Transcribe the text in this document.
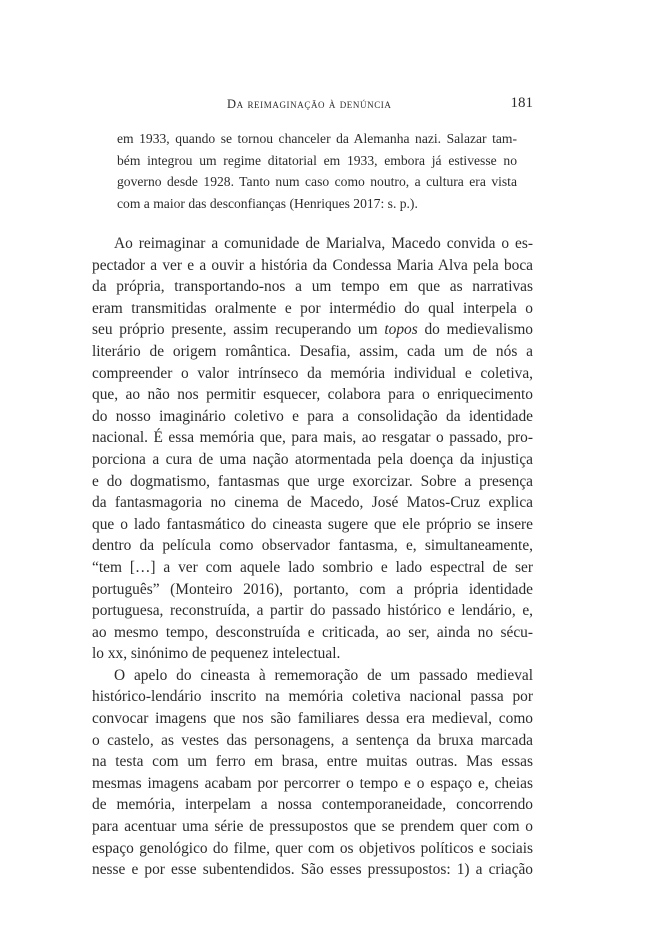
Da reimaginação à denúncia	181
em 1933, quando se tornou chanceler da Alemanha nazi. Salazar tam-
bém integrou um regime ditatorial em 1933, embora já estivesse no
governo desde 1928. Tanto num caso como noutro, a cultura era vista
com a maior das desconfianças (Henriques 2017: s. p.).
Ao reimaginar a comunidade de Marialva, Macedo convida o es-
pectador a ver e a ouvir a história da Condessa Maria Alva pela boca
da própria, transportando-nos a um tempo em que as narrativas
eram transmitidas oralmente e por intermédio do qual interpela o
seu próprio presente, assim recuperando um topos do medievalismo
literário de origem romântica. Desafia, assim, cada um de nós a
compreender o valor intrínseco da memória individual e coletiva,
que, ao não nos permitir esquecer, colabora para o enriquecimento
do nosso imaginário coletivo e para a consolidação da identidade
nacional. É essa memória que, para mais, ao resgatar o passado, pro-
porciona a cura de uma nação atormentada pela doença da injustiça
e do dogmatismo, fantasmas que urge exorcizar. Sobre a presença
da fantasmagoria no cinema de Macedo, José Matos-Cruz explica
que o lado fantasmático do cineasta sugere que ele próprio se insere
dentro da película como observador fantasma, e, simultaneamente,
“tem […] a ver com aquele lado sombrio e lado espectral de ser
português” (Monteiro 2016), portanto, com a própria identidade
portuguesa, reconstruída, a partir do passado histórico e lendário, e,
ao mesmo tempo, desconstruída e criticada, ao ser, ainda no sécu-
lo xx, sinónimo de pequenez intelectual.
O apelo do cineasta à rememoração de um passado medieval
histórico-lendário inscrito na memória coletiva nacional passa por
convocar imagens que nos são familiares dessa era medieval, como
o castelo, as vestes das personagens, a sentença da bruxa marcada
na testa com um ferro em brasa, entre muitas outras. Mas essas
mesmas imagens acabam por percorrer o tempo e o espaço e, cheias
de memória, interpelam a nossa contemporaneidade, concorrendo
para acentuar uma série de pressupostos que se prendem quer com o
espaço genológico do filme, quer com os objetivos políticos e sociais
nesse e por esse subentendidos. São esses pressupostos: 1) a criação
